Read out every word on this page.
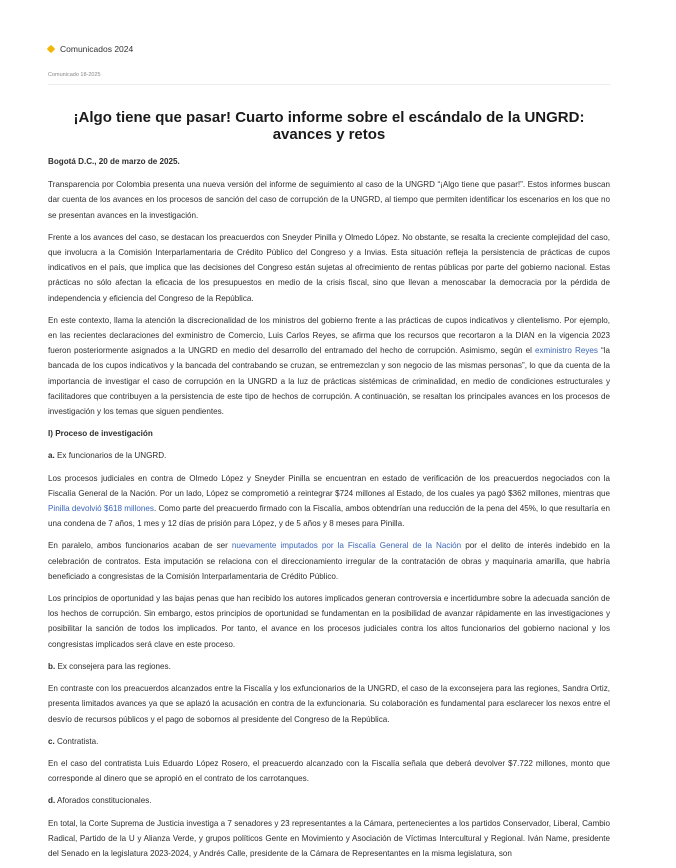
Comunicados 2024
Comunicado 18-2025
¡Algo tiene que pasar! Cuarto informe sobre el escándalo de la UNGRD: avances y retos

Bogotá D.C., 20 de marzo de 2025.

Transparencia por Colombia presenta una nueva versión del informe de seguimiento al caso de la UNGRD “¡Algo tiene que pasar!”. Estos informes buscan dar cuenta de los avances en los procesos de sanción del caso de corrupción de la UNGRD, al tiempo que permiten identificar los escenarios en los que no se presentan avances en la investigación.

Frente a los avances del caso, se destacan los preacuerdos con Sneyder Pinilla y Olmedo López. No obstante, se resalta la creciente complejidad del caso, que involucra a la Comisión Interparlamentaria de Crédito Público del Congreso y a Invias. Esta situación refleja la persistencia de prácticas de cupos indicativos en el país, que implica que las decisiones del Congreso están sujetas al ofrecimiento de rentas públicas por parte del gobierno nacional. Estas prácticas no sólo afectan la eficacia de los presupuestos en medio de la crisis fiscal, sino que llevan a menoscabar la democracia por la pérdida de independencia y eficiencia del Congreso de la República.

En este contexto, llama la atención la discrecionalidad de los ministros del gobierno frente a las prácticas de cupos indicativos y clientelismo. Por ejemplo, en las recientes declaraciones del exministro de Comercio, Luis Carlos Reyes, se afirma que los recursos que recortaron a la DIAN en la vigencia 2023 fueron posteriormente asignados a la UNGRD en medio del desarrollo del entramado del hecho de corrupción. Asimismo, según el exministro Reyes “la bancada de los cupos indicativos y la bancada del contrabando se cruzan, se entremezclan y son negocio de las mismas personas”, lo que da cuenta de la importancia de investigar el caso de corrupción en la UNGRD a la luz de prácticas sistémicas de criminalidad, en medio de condiciones estructurales y facilitadores que contribuyen a la persistencia de este tipo de hechos de corrupción. A continuación, se resaltan los principales avances en los procesos de investigación y los temas que siguen pendientes.

I) Proceso de investigación

a. Ex funcionarios de la UNGRD.

Los procesos judiciales en contra de Olmedo López y Sneyder Pinilla se encuentran en estado de verificación de los preacuerdos negociados con la Fiscalía General de la Nación. Por un lado, López se comprometió a reintegrar $724 millones al Estado, de los cuales ya pagó $362 millones, mientras que Pinilla devolvió $618 millones. Como parte del preacuerdo firmado con la Fiscalía, ambos obtendrían una reducción de la pena del 45%, lo que resultaría en una condena de 7 años, 1 mes y 12 días de prisión para López, y de 5 años y 8 meses para Pinilla.

En paralelo, ambos funcionarios acaban de ser nuevamente imputados por la Fiscalía General de la Nación por el delito de interés indebido en la celebración de contratos. Esta imputación se relaciona con el direccionamiento irregular de la contratación de obras y maquinaria amarilla, que habría beneficiado a congresistas de la Comisión Interparlamentaria de Crédito Público.

Los principios de oportunidad y las bajas penas que han recibido los autores implicados generan controversia e incertidumbre sobre la adecuada sanción de los hechos de corrupción. Sin embargo, estos principios de oportunidad se fundamentan en la posibilidad de avanzar rápidamente en las investigaciones y posibilitar la sanción de todos los implicados. Por tanto, el avance en los procesos judiciales contra los altos funcionarios del gobierno nacional y los congresistas implicados será clave en este proceso.

b. Ex consejera para las regiones.

En contraste con los preacuerdos alcanzados entre la Fiscalía y los exfuncionarios de la UNGRD, el caso de la exconsejera para las regiones, Sandra Ortiz, presenta limitados avances ya que se aplazó la acusación en contra de la exfuncionaria. Su colaboración es fundamental para esclarecer los nexos entre el desvío de recursos públicos y el pago de sobornos al presidente del Congreso de la República.

c. Contratista.

En el caso del contratista Luis Eduardo López Rosero, el preacuerdo alcanzado con la Fiscalía señala que deberá devolver $7.722 millones, monto que corresponde al dinero que se apropió en el contrato de los carrotanques.

d. Aforados constitucionales.

En total, la Corte Suprema de Justicia investiga a 7 senadores y 23 representantes a la Cámara, pertenecientes a los partidos Conservador, Liberal, Cambio Radical, Partido de la U y Alianza Verde, y grupos políticos Gente en Movimiento y Asociación de Víctimas Intercultural y Regional. Iván Name, presidente del Senado en la legislatura 2023-2024, y Andrés Calle, presidente de la Cámara de Representantes en la misma legislatura, son
